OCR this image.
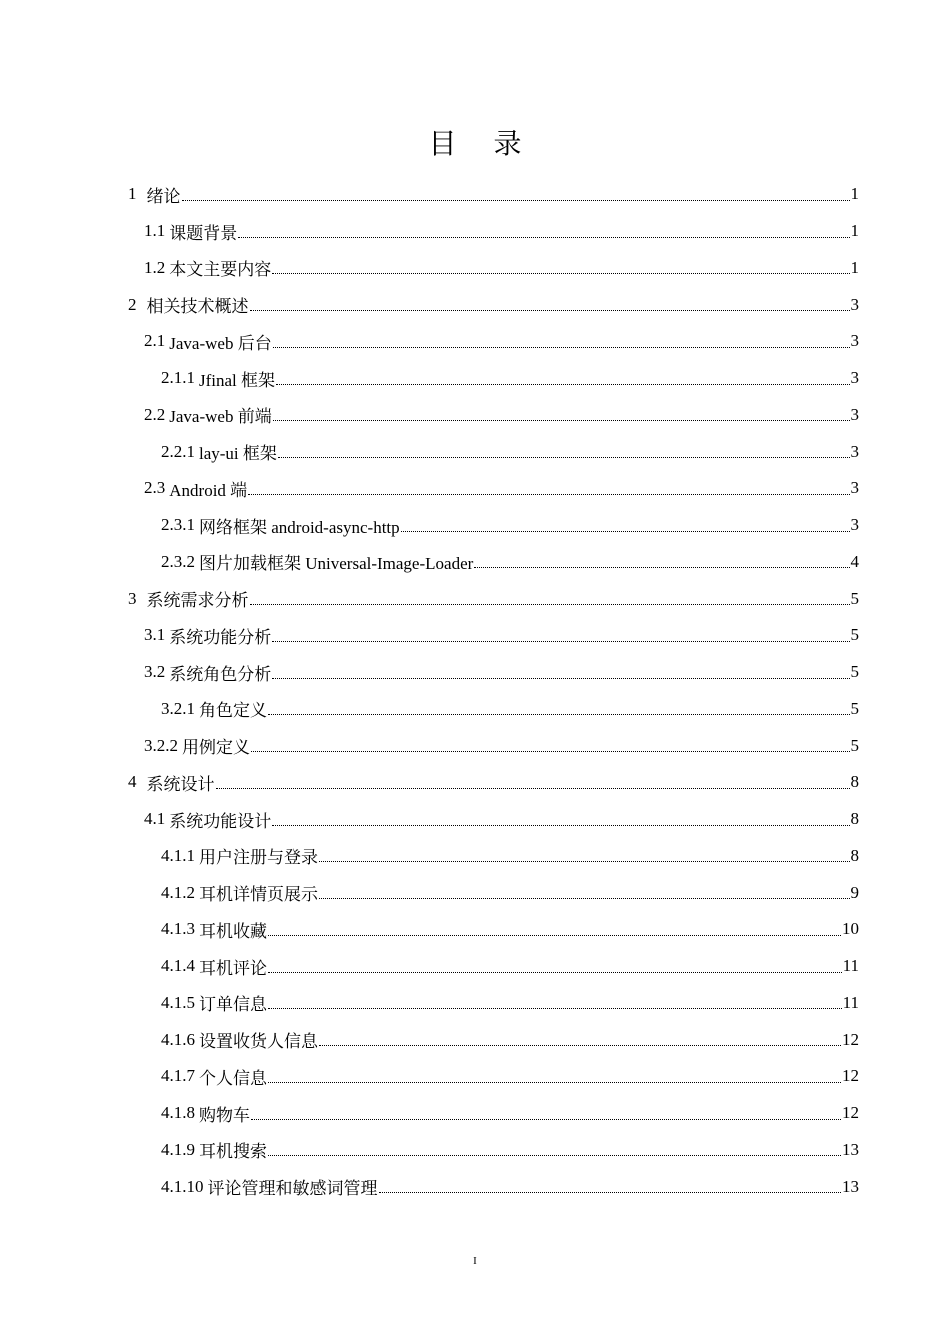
目 录
1 绪论	1
1.1 课题背景	1
1.2 本文主要内容	1
2 相关技术概述	3
2.1 Java-web 后台	3
2.1.1 Jfinal 框架	3
2.2 Java-web 前端	3
2.2.1 lay-ui 框架	3
2.3 Android 端	3
2.3.1 网络框架 android-async-http	3
2.3.2 图片加载框架 Universal-Image-Loader	4
3 系统需求分析	5
3.1 系统功能分析	5
3.2 系统角色分析	5
3.2.1 角色定义	5
3.2.2 用例定义	5
4 系统设计	8
4.1 系统功能设计	8
4.1.1 用户注册与登录	8
4.1.2 耳机详情页展示	9
4.1.3 耳机收藏	10
4.1.4 耳机评论	11
4.1.5 订单信息	11
4.1.6 设置收货人信息	12
4.1.7 个人信息	12
4.1.8 购物车	12
4.1.9 耳机搜索	13
4.1.10 评论管理和敏感词管理	13
I
